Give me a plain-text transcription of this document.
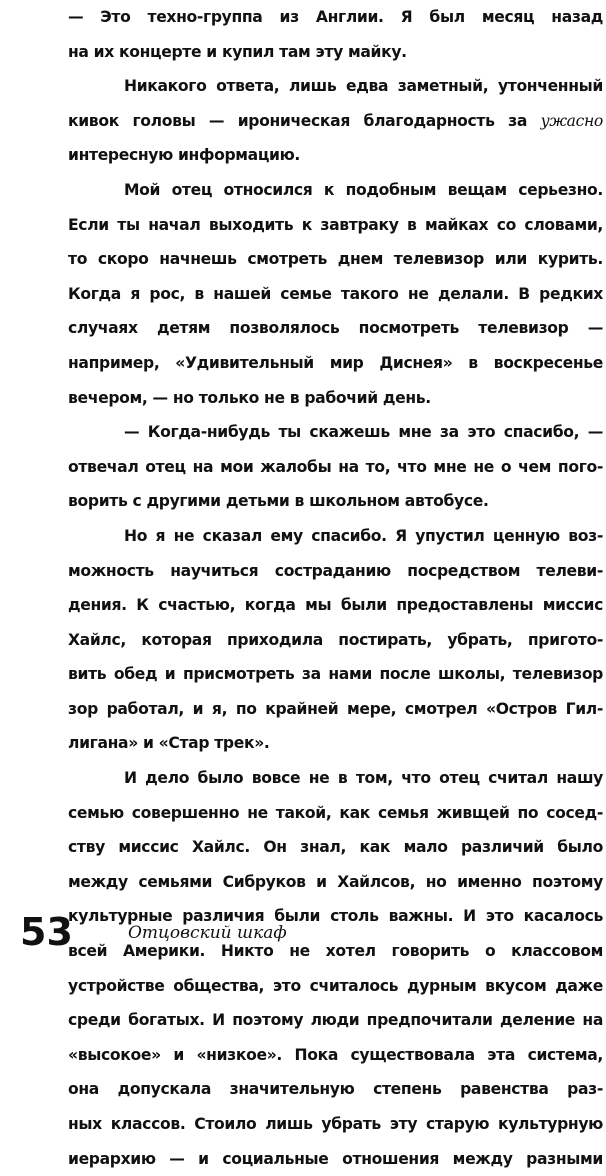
— Это техно-группа из Англии. Я был месяц назад
на их концерте и купил там эту майку.
Никакого ответа, лишь едва заметный, утонченный
кивок головы — ироническая благодарность за ужасно
интересную информацию.
Мой отец относился к подобным вещам серьезно.
Если ты начал выходить к завтраку в майках со словами,
то скоро начнешь смотреть днем телевизор или курить.
Когда я рос, в нашей семье такого не делали. В редких
случаях детям позволялось посмотреть телевизор —
например, «Удивительный мир Диснея» в воскресенье
вечером, — но только не в рабочий день.
— Когда-нибудь ты скажешь мне за это спасибо, —
отвечал отец на мои жалобы на то, что мне не о чем пого-
ворить с другими детьми в школьном автобусе.
Но я не сказал ему спасибо. Я упустил ценную воз-
можность научиться состраданию посредством телеви-
дения. К счастью, когда мы были предоставлены миссис
Хайлс, которая приходила постирать, убрать, пригото-
вить обед и присмотреть за нами после школы, телевизор
зор работал, и я, по крайней мере, смотрел «Остров Гил-
лигана» и «Стар трек».
И дело было вовсе не в том, что отец считал нашу
семью совершенно не такой, как семья живщей по сосед-
ству миссис Хайлс. Он знал, как мало различий было
между семьями Сибруков и Хайлсов, но именно поэтому
культурные различия были столь важны. И это касалось
всей Америки. Никто не хотел говорить о классовом
устройстве общества, это считалось дурным вкусом даже
среди богатых. И поэтому люди предпочитали деление на
«высокое» и «низкое». Пока существовала эта система,
она допускала значительную степень равенства раз-
ных классов. Стоило лишь убрать эту старую культурную
иерархию — и социальные отношения между разными
53	Отцовский шкаф
